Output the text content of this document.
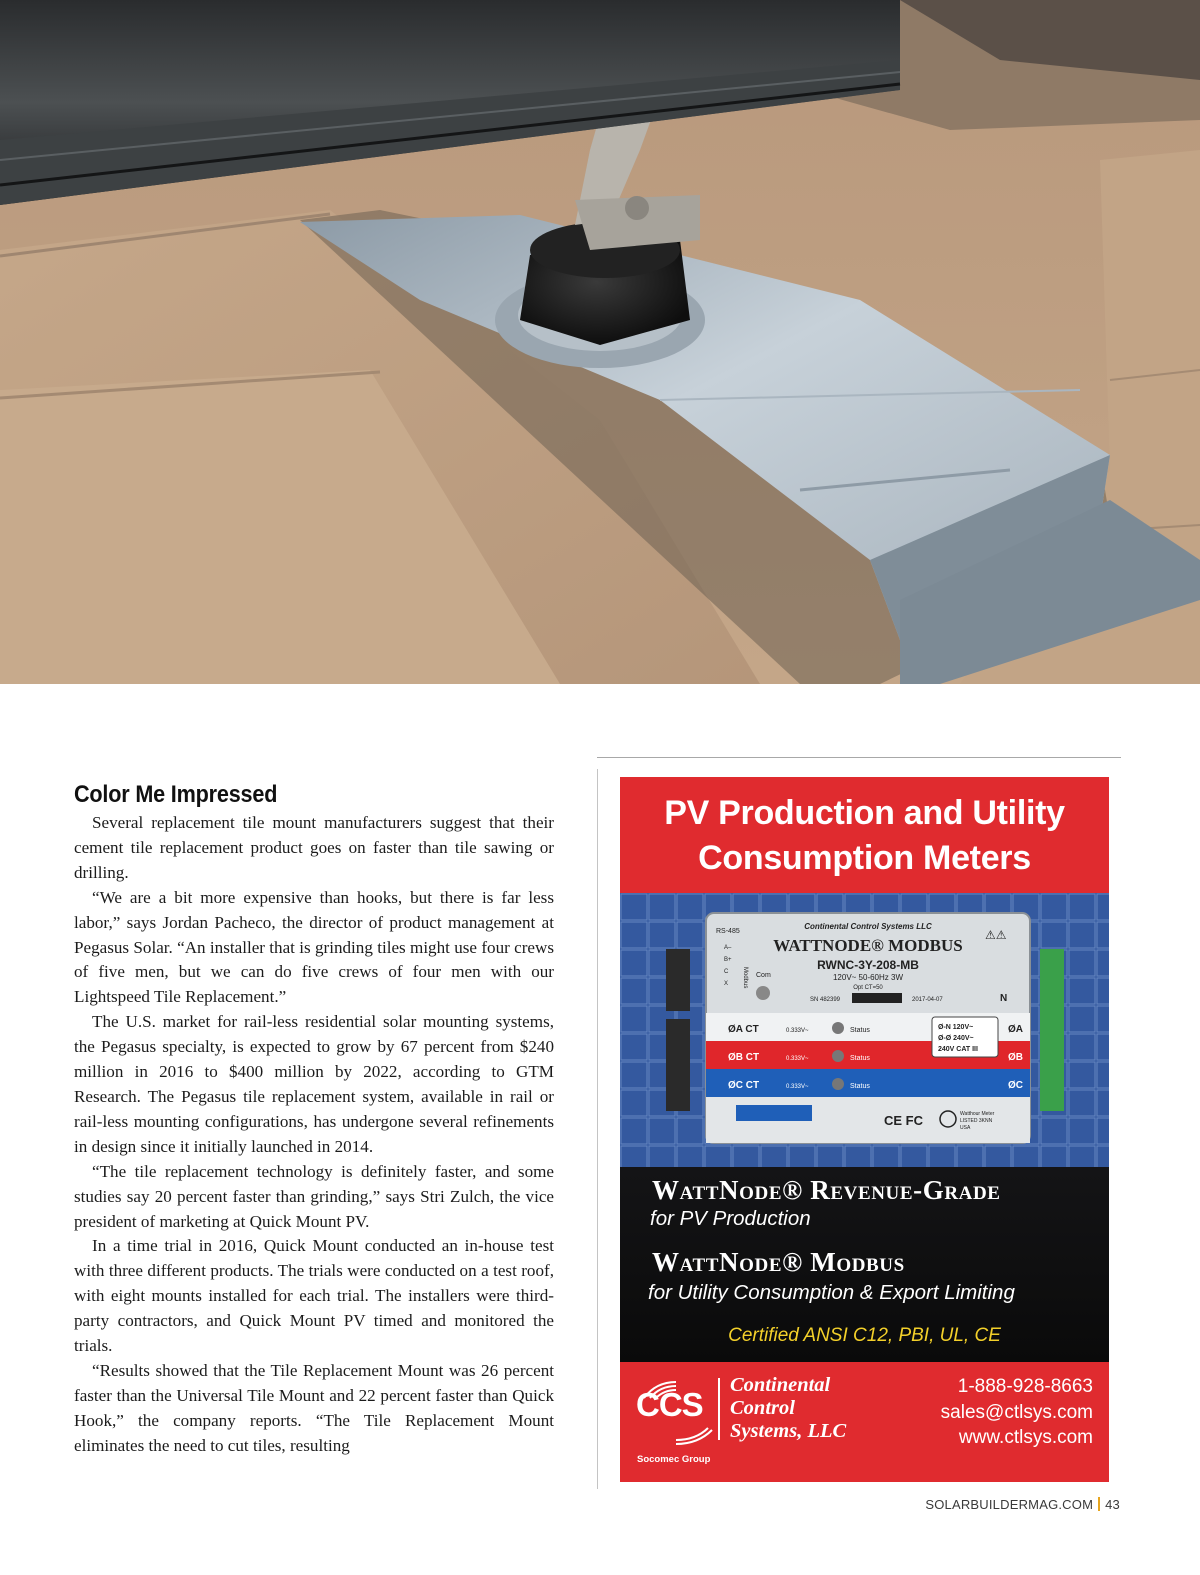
Color Me Impressed

Several replacement tile mount manufacturers suggest that their cement tile replacement product goes on faster than tile sawing or drilling.

“We are a bit more expensive than hooks, but there is far less labor,” says Jordan Pacheco, the director of product management at Pegasus Solar. “An installer that is grinding tiles might use four crews of five men, but we can do five crews of four men with our Lightspeed Tile Replacement.”

The U.S. market for rail-less residential solar mounting systems, the Pegasus specialty, is expected to grow by 67 percent from $240 million in 2016 to $400 million by 2022, according to GTM Research. The Pegasus tile replacement system, available in rail or rail-less mounting configurations, has undergone several refinements in design since it initially launched in 2014.

“The tile replacement technology is definitely faster, and some studies say 20 percent faster than grinding,” says Stri Zulch, the vice president of marketing at Quick Mount PV.

In a time trial in 2016, Quick Mount conducted an in-house test with three different products. The trials were conducted on a test roof, with eight mounts installed for each trial. The installers were third-party contractors, and Quick Mount PV timed and monitored the trials.

“Results showed that the Tile Replacement Mount was 26 percent faster than the Universal Tile Mount and 22 percent faster than Quick Hook,” the company reports. “The Tile Replacement Mount eliminates the need to cut tiles, resulting

PV Production and Utility
Consumption Meters
Continental Control Systems LLC
WATTNODE® MODBUS
RWNC-3Y-208-MB
120V~ 50-60Hz 3W
Opt CT=50
SN 482399	2017-04-07
RS-485
Modbus
A–
B+
C
X
Com
N
⚠⚠
ØA CT	0.333V~	Status	ØA
ØB CT	0.333V~	Status	ØB
ØC CT	0.333V~	Status	ØC
Ø-N 120V~
Ø-Ø 240V~
240V CAT III
CE FC	Watthour Meter
LISTED 3KNN
USA
WattNode® Revenue-Grade
for PV Production
WattNode® Modbus
for Utility Consumption & Export Limiting
Certified ANSI C12, PBI, UL, CE
CCS
Continental
Control
Systems, LLC
Socomec Group
1-888-928-8663
sales@ctlsys.com
www.ctlsys.com
SOLARBUILDERMAG.COM 43
